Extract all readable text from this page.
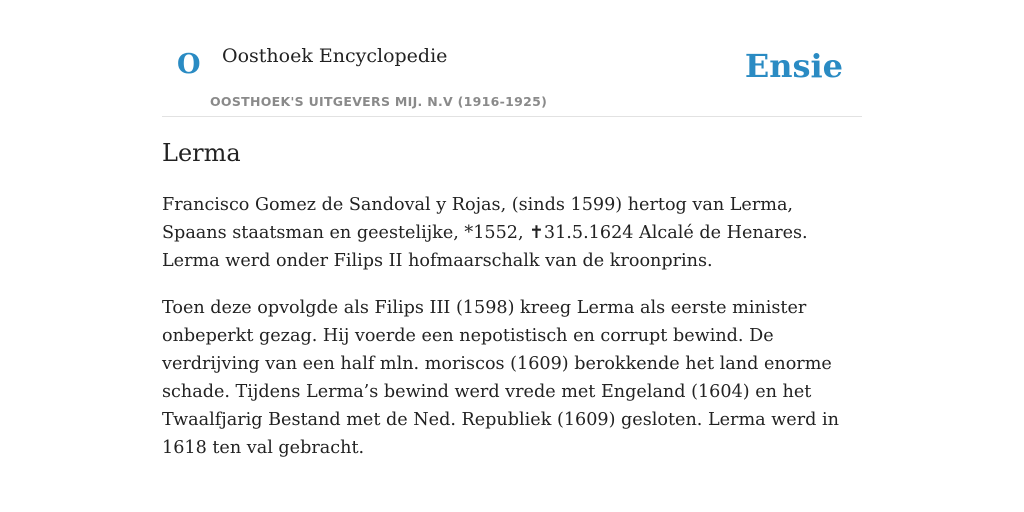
O Oosthoek Encyclopedie
OOSTHOEK'S UITGEVERS MIJ. N.V (1916-1925)
Ensie
Lerma

Francisco Gomez de Sandoval y Rojas, (sinds 1599) hertog van Lerma, Spaans staatsman en geestelijke, *1552, ✝31.5.1624 Alcalé de Henares. Lerma werd onder Filips II hofmaarschalk van de kroonprins.

Toen deze opvolgde als Filips III (1598) kreeg Lerma als eerste minister onbeperkt gezag. Hij voerde een nepotistisch en corrupt bewind. De verdrijving van een half mln. moriscos (1609) berokkende het land enorme schade. Tijdens Lerma’s bewind werd vrede met Engeland (1604) en het Twaalfjarig Bestand met de Ned. Republiek (1609) gesloten. Lerma werd in 1618 ten val gebracht.
